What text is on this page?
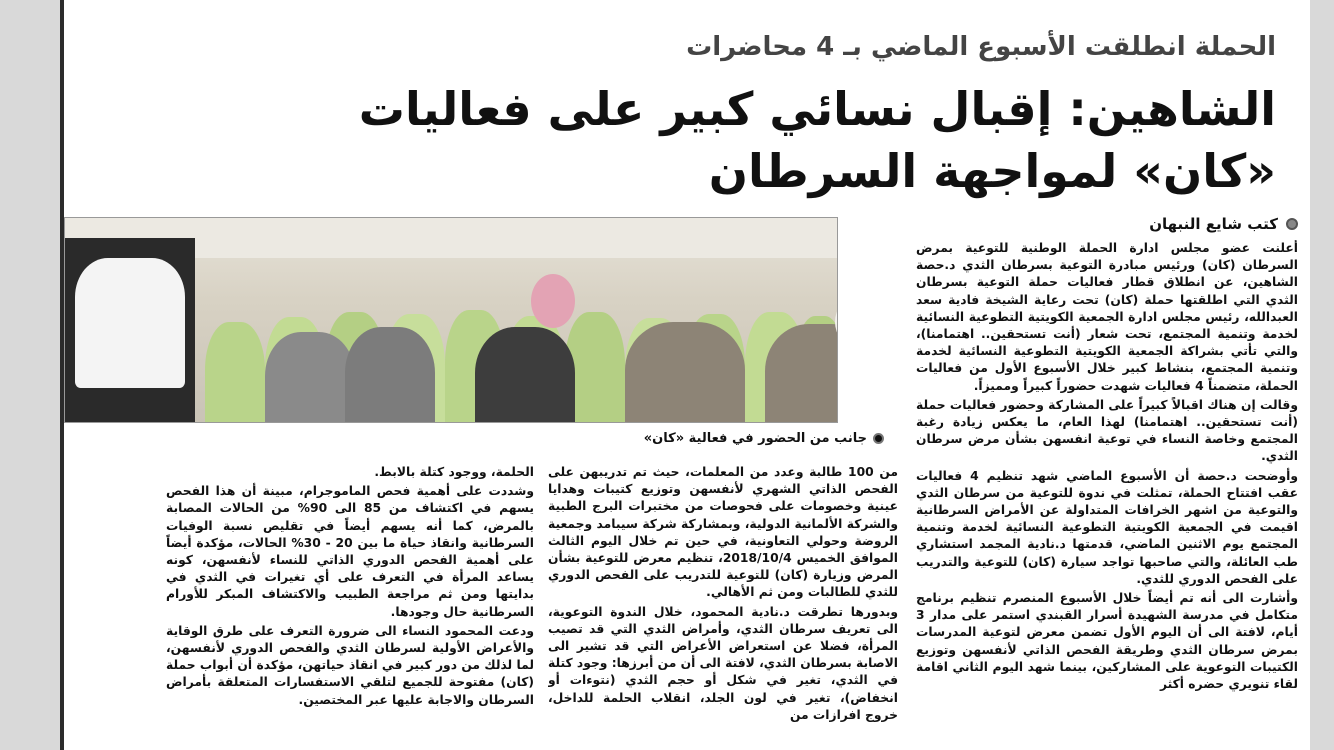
الحملة انطلقت الأسبوع الماضي بـ 4 محاضرات
الشاهين: إقبال نسائي كبير على فعاليات
«كان» لمواجهة السرطان
كتب شايع النبهان
جانب من الحضور في فعالية «كان»

أعلنت عضو مجلس ادارة الحملة الوطنية للتوعية بمرض السرطان (كان) ورئيس مبادرة التوعية بسرطان الثدي د.حصة الشاهين، عن انطلاق قطار فعاليات حملة التوعية بسرطان الثدي التي اطلقتها حملة (كان) تحت رعاية الشيخة فادية سعد العبدالله، رئيس مجلس ادارة الجمعية الكويتية التطوعية النسائية لخدمة وتنمية المجتمع، تحت شعار (أنت تستحقين.. اهتمامنا)، والتي تأتي بشراكة الجمعية الكويتية التطوعية النسائية لخدمة وتنمية المجتمع، بنشاط كبير خلال الأسبوع الأول من فعاليات الحملة، متضمناً 4 فعاليات شهدت حضوراً كبيراً ومميزاً.

وقالت إن هناك اقبالاً كبيراً على المشاركة وحضور فعاليات حملة (أنت تستحقين.. اهتمامنا) لهذا العام، ما يعكس زيادة رغبة المجتمع وخاصة النساء في توعية انفسهن بشأن مرض سرطان الثدي.

وأوضحت د.حصة أن الأسبوع الماضي شهد تنظيم 4 فعاليات عقب افتتاح الحملة، تمثلت في ندوة للتوعية من سرطان الثدي والتوعية من اشهر الخرافات المتداولة عن الأمراض السرطانية اقيمت في الجمعية الكويتية التطوعية النسائية لخدمة وتنمية المجتمع يوم الاثنين الماضي، قدمتها د.نادية المجمد استشاري طب العائلة، والتي صاحبها تواجد سيارة (كان) للتوعية والتدريب على الفحص الدوري للثدي.

وأشارت الى أنه تم أيضاً خلال الأسبوع المنصرم تنظيم برنامج متكامل في مدرسة الشهيدة أسرار القبندي استمر على مدار 3 أيام، لافتة الى أن اليوم الأول تضمن معرض لتوعية المدرسات بمرض سرطان الثدي وطريقة الفحص الذاتي لأنفسهن وتوزيع الكتيبات التوعوية على المشاركين، بينما شهد اليوم الثاني اقامة لقاء تنويري حضره أكثر

من 100 طالبة وعدد من المعلمات، حيث تم تدريبهن على الفحص الذاتي الشهري لأنفسهن وتوزيع كتيبات وهدايا عينية وخصومات على فحوصات من مختبرات البرج الطبية والشركة الألمانية الدولية، وبمشاركة شركة سيبامد وجمعية الروضة وحولي التعاونية، في حين تم خلال اليوم الثالث الموافق الخميس 2018/10/4، تنظيم معرض للتوعية بشأن المرض وزيارة (كان) للتوعية للتدريب على الفحص الدوري للثدي للطالبات ومن ثم الأهالي.

وبدورها تطرقت د.نادية المحمود، خلال الندوة التوعوية، الى تعريف سرطان الثدي، وأمراض الثدي التي قد تصيب المرأة، فضلا عن استعراض الأعراض التي قد تشير الى الاصابة بسرطان الثدي، لافتة الى أن من أبرزها: وجود كتلة في الثدي، تغير في شكل أو حجم الثدي (نتوءات أو انخفاض)، تغير في لون الجلد، انقلاب الحلمة للداخل، خروج افرازات من

الحلمة، ووجود كتلة بالابط.

وشددت على أهمية فحص الماموجرام، مبينة أن هذا الفحص يسهم في اكتشاف من 85 الى 90% من الحالات المصابة بالمرض، كما أنه يسهم أيضاً في تقليص نسبة الوفيات السرطانية وانقاذ حياة ما بين 20 - 30% الحالات، مؤكدة أيضاً على أهمية الفحص الدوري الذاتي للنساء لأنفسهن، كونه يساعد المرأة في التعرف على أي تغيرات في الثدي في بدايتها ومن ثم مراجعة الطبيب والاكتشاف المبكر للأورام السرطانية حال وجودها.

ودعت المحمود النساء الى ضرورة التعرف على طرق الوقاية والأعراض الأولية لسرطان الثدي والفحص الدوري لأنفسهن، لما لذلك من دور كبير في انقاذ حياتهن، مؤكدة أن أبواب حملة (كان) مفتوحة للجميع لتلقي الاستفسارات المتعلقة بأمراض السرطان والاجابة عليها عبر المختصين.
